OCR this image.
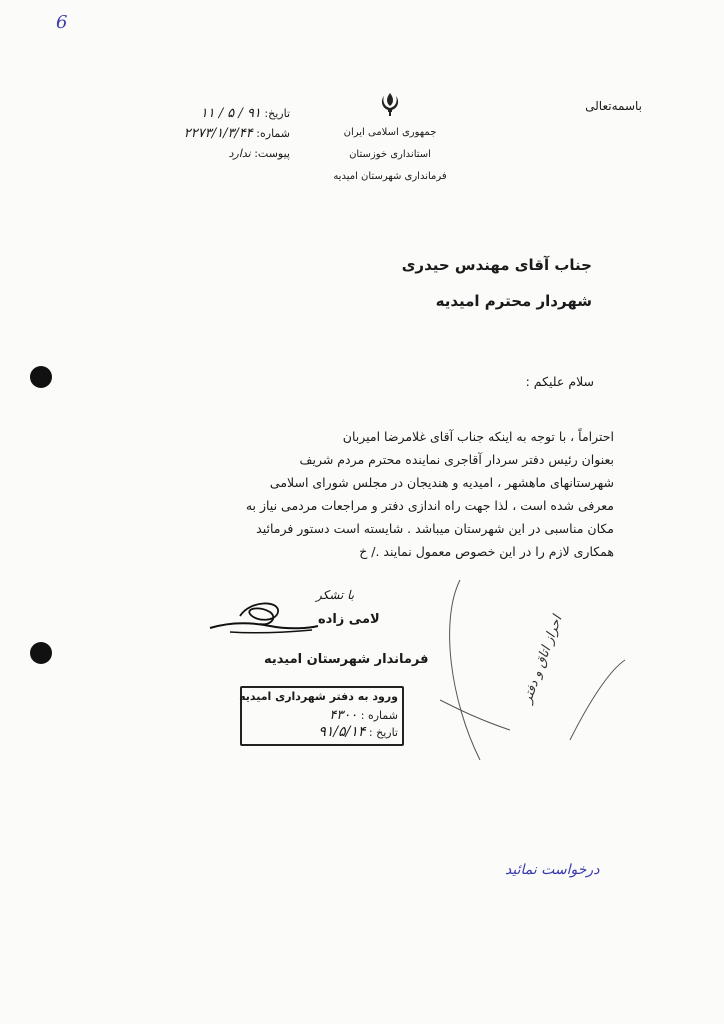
6
باسمه‌تعالی
جمهوری اسلامی ایران
استانداری خوزستان
فرمانداری شهرستان امیدیه
تاریخ: ۹۱ / ۵ / ۱۱
شماره: ۲۲۷۳/۱/۳/۴۴
پیوست: ندارد
جناب آقای مهندس حیدری
شهردار محترم امیدیه
سلام علیکم :
احتراماً ، با توجه به اینکه جناب آقای غلامرضا امیربان
بعنوان رئیس دفتر سردار آقاجری نماینده محترم مردم شریف
شهرستانهای ماهشهر ، امیدیه و هندیجان در مجلس شورای اسلامی
معرفی شده است ، لذا جهت راه اندازی دفتر و مراجعات مردمی نیاز به
مکان مناسبی در این شهرستان میباشد . شایسته است دستور فرمائید
همکاری لازم را در این خصوص معمول نمایند ./ خ
با تشکر
لامی زاده
فرماندار شهرستان امیدیه
ورود به دفتر شهرداری امیدیه
شماره : ۴۳۰۰
تاریخ : ۹۱/۵/۱۴
احراز اتاق و دفتر
درخواست نمائید
